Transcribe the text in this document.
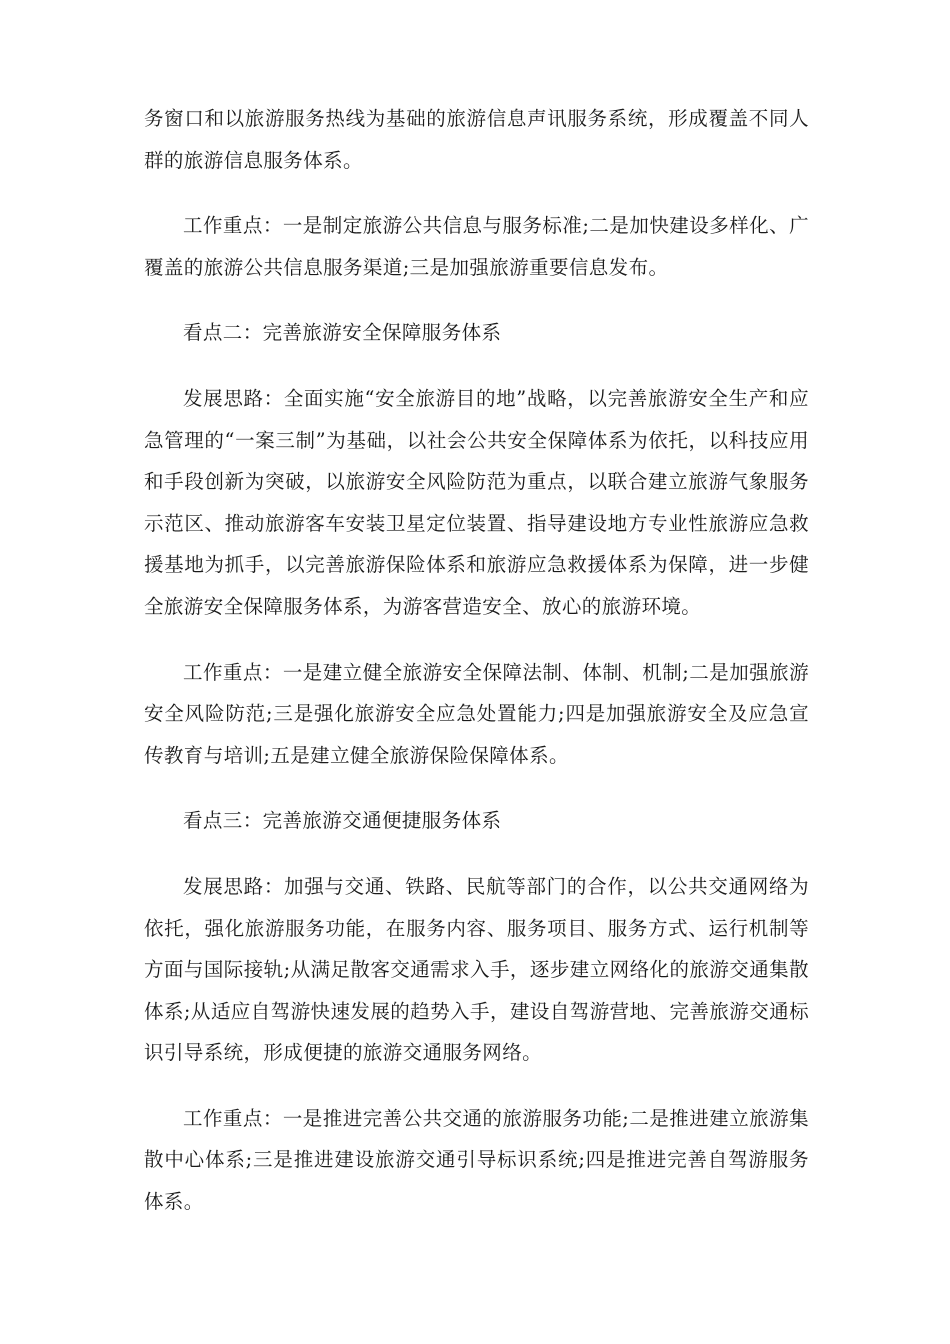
务窗口和以旅游服务热线为基础的旅游信息声讯服务系统，形成覆盖不同人群的旅游信息服务体系。

工作重点：一是制定旅游公共信息与服务标准;二是加快建设多样化、广覆盖的旅游公共信息服务渠道;三是加强旅游重要信息发布。

看点二：完善旅游安全保障服务体系

发展思路：全面实施“安全旅游目的地”战略，以完善旅游安全生产和应急管理的“一案三制”为基础，以社会公共安全保障体系为依托，以科技应用和手段创新为突破，以旅游安全风险防范为重点，以联合建立旅游气象服务示范区、推动旅游客车安装卫星定位装置、指导建设地方专业性旅游应急救援基地为抓手，以完善旅游保险体系和旅游应急救援体系为保障，进一步健全旅游安全保障服务体系，为游客营造安全、放心的旅游环境。

工作重点：一是建立健全旅游安全保障法制、体制、机制;二是加强旅游安全风险防范;三是强化旅游安全应急处置能力;四是加强旅游安全及应急宣传教育与培训;五是建立健全旅游保险保障体系。

看点三：完善旅游交通便捷服务体系

发展思路：加强与交通、铁路、民航等部门的合作，以公共交通网络为依托，强化旅游服务功能，在服务内容、服务项目、服务方式、运行机制等方面与国际接轨;从满足散客交通需求入手，逐步建立网络化的旅游交通集散体系;从适应自驾游快速发展的趋势入手，建设自驾游营地、完善旅游交通标识引导系统，形成便捷的旅游交通服务网络。

工作重点：一是推进完善公共交通的旅游服务功能;二是推进建立旅游集散中心体系;三是推进建设旅游交通引导标识系统;四是推进完善自驾游服务体系。
